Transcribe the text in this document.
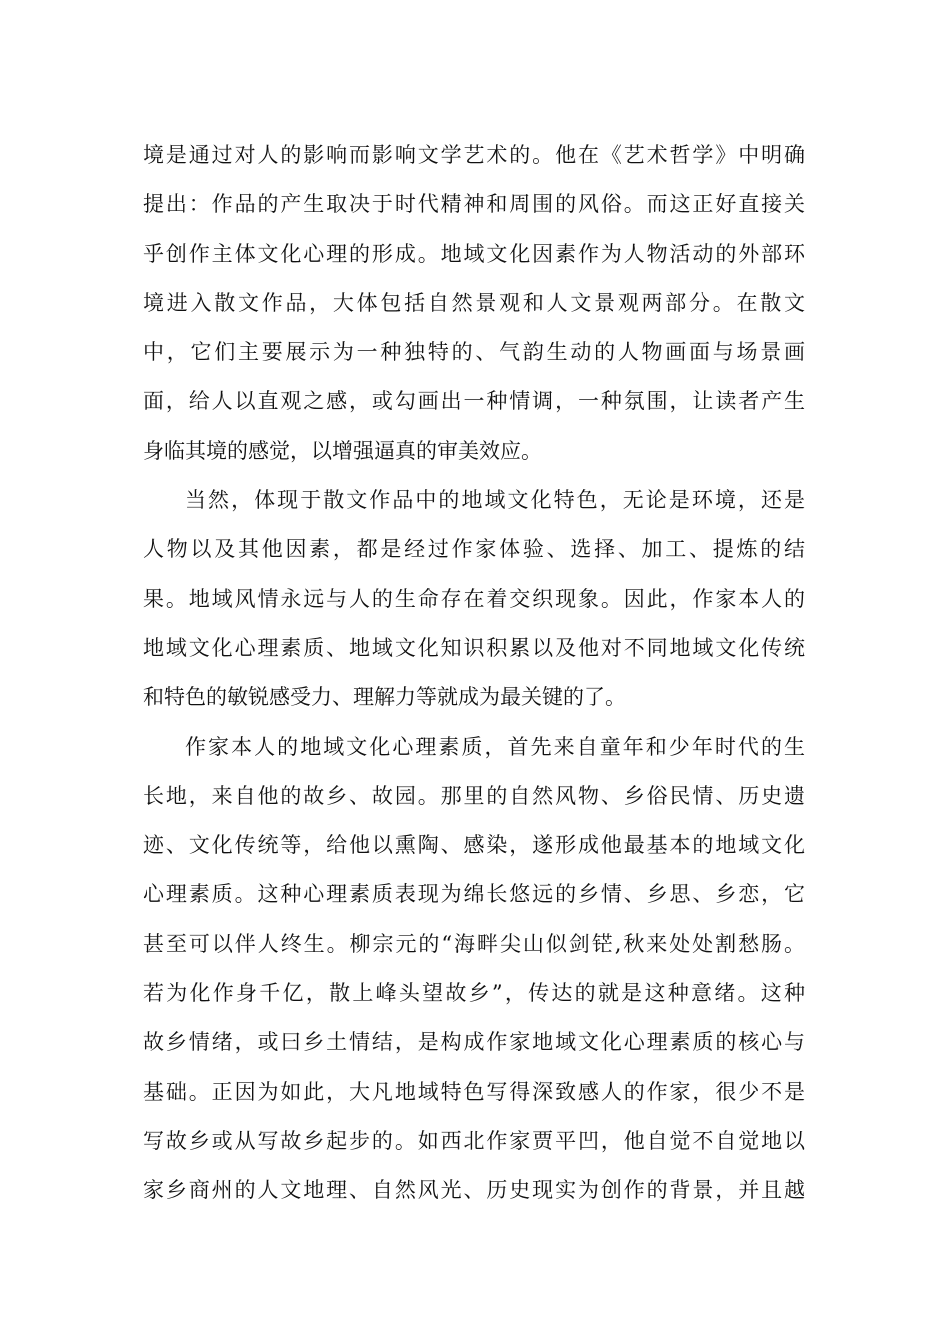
境是通过对人的影响而影响文学艺术的。他在《艺术哲学》中明确
提出：作品的产生取决于时代精神和周围的风俗。而这正好直接关
乎创作主体文化心理的形成。地域文化因素作为人物活动的外部环
境进入散文作品，大体包括自然景观和人文景观两部分。在散文
中，它们主要展示为一种独特的、气韵生动的人物画面与场景画
面，给人以直观之感，或勾画出一种情调，一种氛围，让读者产生
身临其境的感觉，以增强逼真的审美效应。
当然，体现于散文作品中的地域文化特色，无论是环境，还是
人物以及其他因素，都是经过作家体验、选择、加工、提炼的结
果。地域风情永远与人的生命存在着交织现象。因此，作家本人的
地域文化心理素质、地域文化知识积累以及他对不同地域文化传统
和特色的敏锐感受力、理解力等就成为最关键的了。
作家本人的地域文化心理素质，首先来自童年和少年时代的生
长地，来自他的故乡、故园。那里的自然风物、乡俗民情、历史遗
迹、文化传统等，给他以熏陶、感染，遂形成他最基本的地域文化
心理素质。这种心理素质表现为绵长悠远的乡情、乡思、乡恋，它
甚至可以伴人终生。柳宗元的“海畔尖山似剑铓,秋来处处割愁肠。
若为化作身千亿，散上峰头望故乡”，传达的就是这种意绪。这种
故乡情绪，或曰乡土情结，是构成作家地域文化心理素质的核心与
基础。正因为如此，大凡地域特色写得深致感人的作家，很少不是
写故乡或从写故乡起步的。如西北作家贾平凹，他自觉不自觉地以
家乡商州的人文地理、自然风光、历史现实为创作的背景，并且越
